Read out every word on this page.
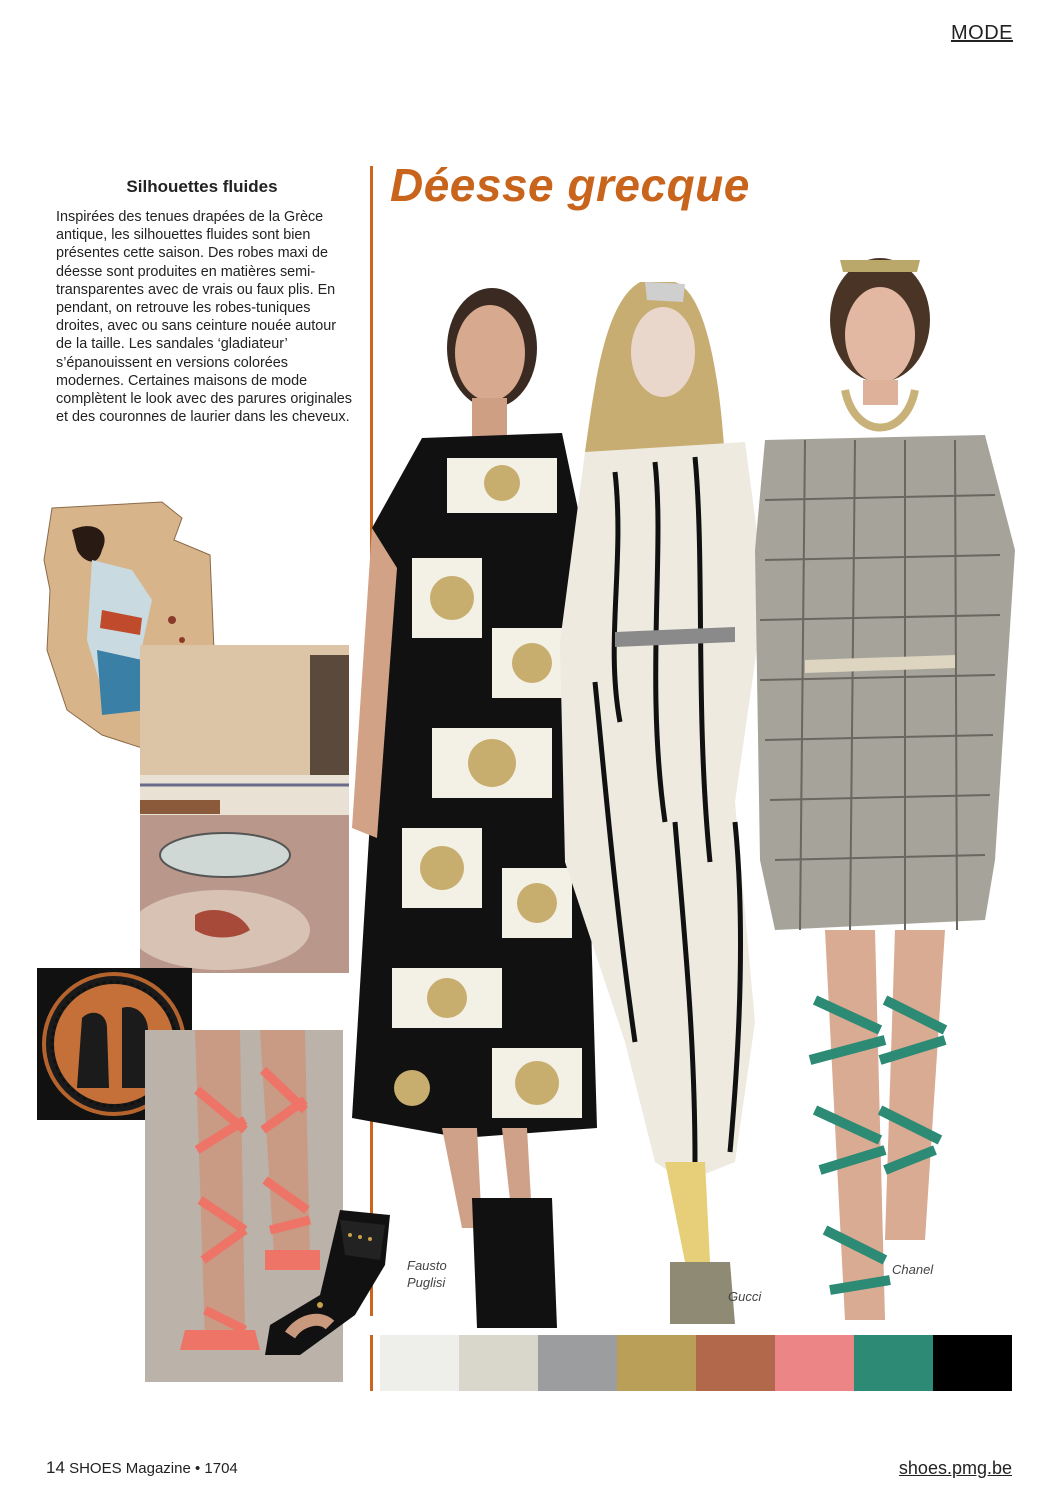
MODE
Silhouettes fluides
Inspirées des tenues drapées de la Grèce antique, les silhouettes fluides sont bien présentes cette saison. Des robes maxi de déesse sont produites en matières semi-transparentes avec de vrais ou faux plis. En pendant, on retrouve les robes-tuniques droites, avec ou sans ceinture nouée autour de la taille. Les sandales ‘gladiateur’ s’épanouissent en versions colorées modernes. Certaines maisons de mode complètent le look avec des parures originales et des couronnes de laurier dans les cheveux.
Déesse grecque
Fausto
Puglisi
Gucci
Chanel
14 SHOES Magazine • 1704	shoes.pmg.be
